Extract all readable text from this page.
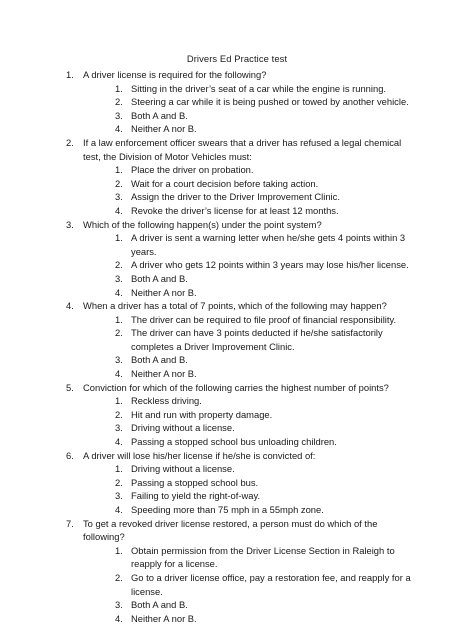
Drivers Ed Practice test
1. A driver license is required for the following?
1. Sitting in the driver’s seat of a car while the engine is running.
2. Steering a car while it is being pushed or towed by another vehicle.
3. Both A and B.
4. Neither A nor B.
2. If a law enforcement officer swears that a driver has refused a legal chemical test, the Division of Motor Vehicles must:
1. Place the driver on probation.
2. Wait for a court decision before taking action.
3. Assign the driver to the Driver Improvement Clinic.
4. Revoke the driver’s license for at least 12 months.
3. Which of the following happen(s) under the point system?
1. A driver is sent a warning letter when he/she gets 4 points within 3 years.
2. A driver who gets 12 points within 3 years may lose his/her license.
3. Both A and B.
4. Neither A nor B.
4. When a driver has a total of 7 points, which of the following may happen?
1. The driver can be required to file proof of financial responsibility.
2. The driver can have 3 points deducted if he/she satisfactorily completes a Driver Improvement Clinic.
3. Both A and B.
4. Neither A nor B.
5. Conviction for which of the following carries the highest number of points?
1. Reckless driving.
2. Hit and run with property damage.
3. Driving without a license.
4. Passing a stopped school bus unloading children.
6. A driver will lose his/her license if he/she is convicted of:
1. Driving without a license.
2. Passing a stopped school bus.
3. Failing to yield the right-of-way.
4. Speeding more than 75 mph in a 55mph zone.
7. To get a revoked driver license restored, a person must do which of the following?
1. Obtain permission from the Driver License Section in Raleigh to reapply for a license.
2. Go to a driver license office, pay a restoration fee, and reapply for a license.
3. Both A and B.
4. Neither A nor B.
